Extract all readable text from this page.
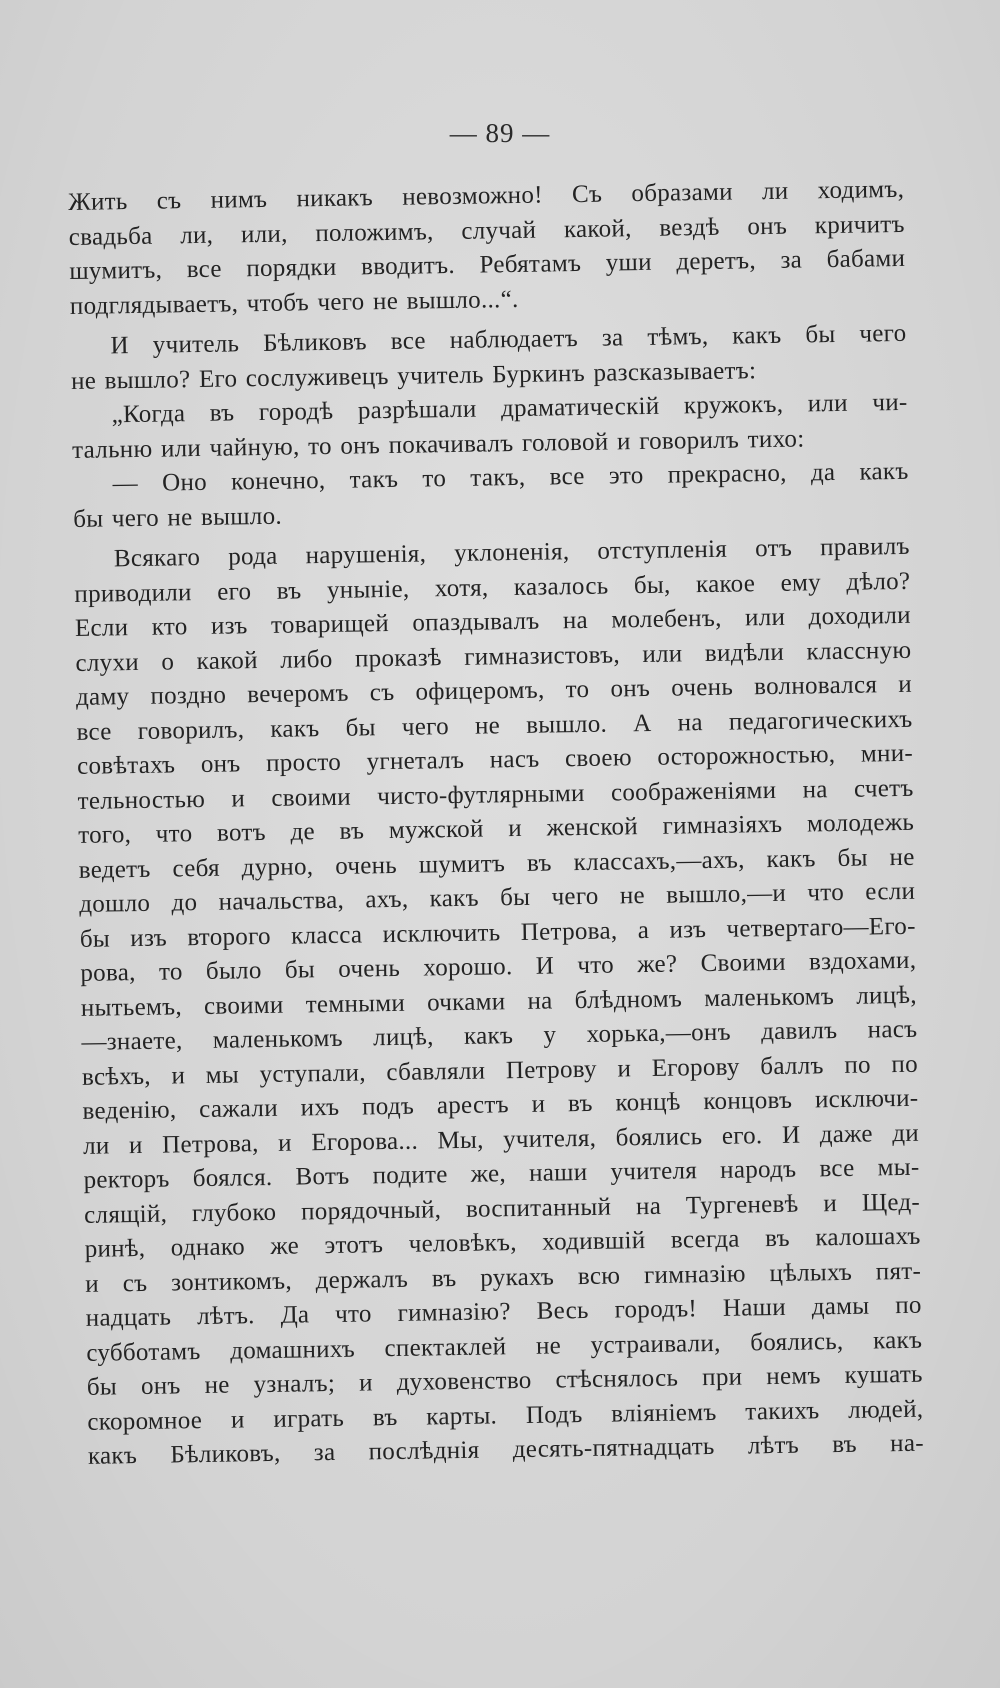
— 89 —
Жить съ нимъ никакъ невозможно! Съ образами ли ходимъ,
свадьба ли, или, положимъ, случай какой, вездѣ онъ кричитъ
шумитъ, все порядки вводитъ. Ребятамъ уши деретъ, за бабами
подглядываетъ, чтобъ чего не вышло...“.
И учитель Бѣликовъ все наблюдаетъ за тѣмъ, какъ бы чего
не вышло? Его сослуживецъ учитель Буркинъ разсказываетъ:
„Когда въ городѣ разрѣшали драматическій кружокъ, или чи-
тальню или чайную, то онъ покачивалъ головой и говорилъ тихо:
— Оно конечно, такъ то такъ, все это прекрасно, да какъ
бы чего не вышло.
Всякаго рода нарушенія, уклоненія, отступленія отъ правилъ
приводили его въ уныніе, хотя, казалось бы, какое ему дѣло?
Если кто изъ товарищей опаздывалъ на молебенъ, или доходили
слухи о какой либо проказѣ гимназистовъ, или видѣли классную
даму поздно вечеромъ съ офицеромъ, то онъ очень волновался и
все говорилъ, какъ бы чего не вышло. А на педагогическихъ
совѣтахъ онъ просто угнеталъ насъ своею осторожностью, мни-
тельностью и своими чисто-футлярными соображеніями на счетъ
того, что вотъ де въ мужской и женской гимназіяхъ молодежь
ведетъ себя дурно, очень шумитъ въ классахъ,—ахъ, какъ бы не
дошло до начальства, ахъ, какъ бы чего не вышло,—и что если
бы изъ второго класса исключить Петрова, а изъ четвертаго—Его-
рова, то было бы очень хорошо. И что же? Своими вздохами,
нытьемъ, своими темными очками на блѣдномъ маленькомъ лицѣ,
—знаете, маленькомъ лицѣ, какъ у хорька,—онъ давилъ насъ
всѣхъ, и мы уступали, сбавляли Петрову и Егорову баллъ по по
веденію, сажали ихъ подъ арестъ и въ концѣ концовъ исключи-
ли и Петрова, и Егорова... Мы, учителя, боялись его. И даже ди
ректоръ боялся. Вотъ подите же, наши учителя народъ все мы-
слящій, глубоко порядочный, воспитанный на Тургеневѣ и Щед-
ринѣ, однако же этотъ человѣкъ, ходившій всегда въ калошахъ
и съ зонтикомъ, держалъ въ рукахъ всю гимназію цѣлыхъ пят-
надцать лѣтъ. Да что гимназію? Весь городъ! Наши дамы по
субботамъ домашнихъ спектаклей не устраивали, боялись, какъ
бы онъ не узналъ; и духовенство стѣснялось при немъ кушать
скоромное и играть въ карты. Подъ вліяніемъ такихъ людей,
какъ Бѣликовъ, за послѣднія десять-пятнадцать лѣтъ въ на-
